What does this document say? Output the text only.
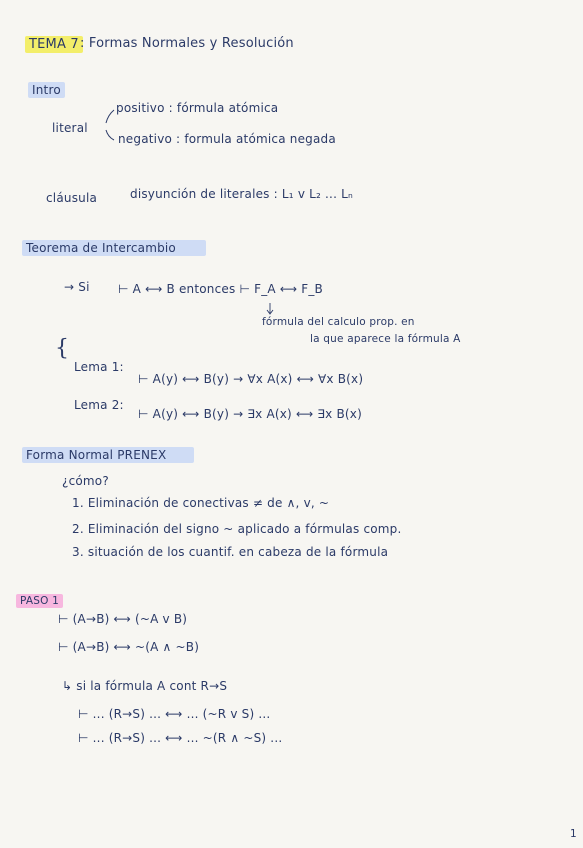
{
TEMA 7 : Formas Normales y Resolución
Intro
literal
positivo : fórmula atómica
negativo : formula atómica negada
cláusula	disyunción de literales : L₁ v L₂ ... Lₙ
Teorema de Intercambio
→ Si ⊢ A ⟷ B entonces ⊢ F_A ⟷ F_B
fórmula del calculo prop. en
la que aparece la fórmula A
Lema 1:
⊢ A(y) ⟷ B(y) → ∀x A(x) ⟷ ∀x B(x)
Lema 2:
⊢ A(y) ⟷ B(y) → ∃x A(x) ⟷ ∃x B(x)
Forma Normal PRENEX
¿cómo?
1. Eliminación de conectivas ≠ de ∧, v, ~
2. Eliminación del signo ~ aplicado a fórmulas comp.
3. situación de los cuantif. en cabeza de la fórmula
PASO 1
⊢ (A→B) ⟷ (~A v B)
⊢ (A→B) ⟷ ~(A ∧ ~B)
↳ si la fórmula A cont R→S
⊢ ... (R→S) ... ⟷ ... (~R v S) ...
⊢ ... (R→S) ... ⟷ ... ~(R ∧ ~S) ...
1
